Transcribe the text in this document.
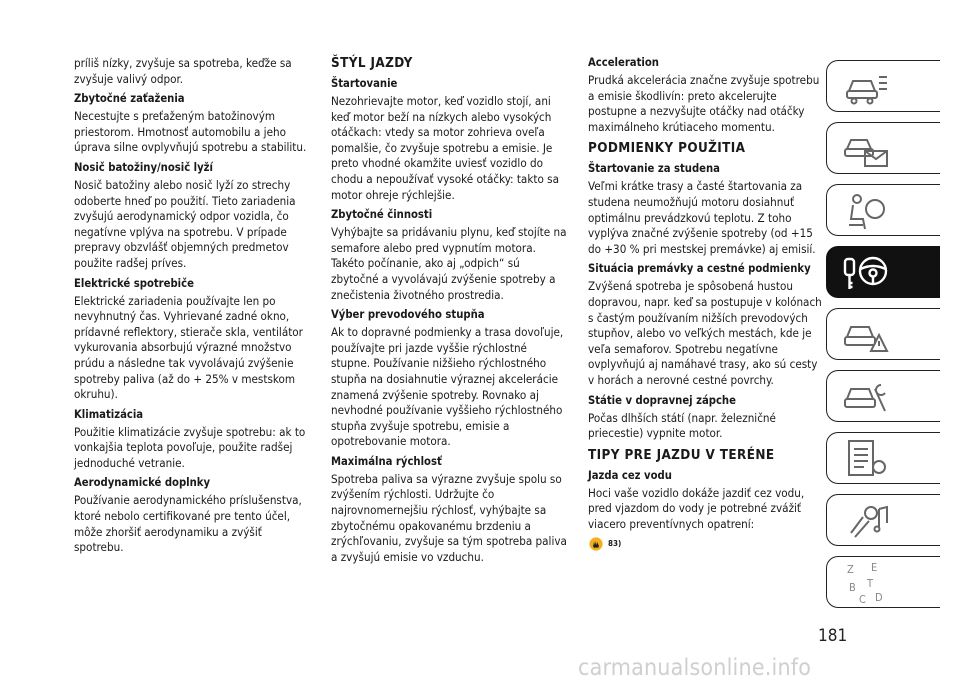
príliš nízky, zvyšuje sa spotreba, keďže sa zvyšuje valivý odpor.

Zbytočné zaťaženia

Necestujte s preťaženým batožinovým priestorom. Hmotnosť automobilu a jeho úprava silne ovplyvňujú spotrebu a stabilitu.

Nosič batožiny/nosič lyží

Nosič batožiny alebo nosič lyží zo strechy odoberte hneď po použití. Tieto zariadenia zvyšujú aerodynamický odpor vozidla, čo negatívne vplýva na spotrebu. V prípade prepravy obzvlášť objemných predmetov použite radšej príves.

Elektrické spotrebiče

Elektrické zariadenia používajte len po nevyhnutný čas. Vyhrievané zadné okno, prídavné reflektory, stierače skla, ventilátor vykurovania absorbujú výrazné množstvo prúdu a následne tak vyvolávajú zvýšenie spotreby paliva (až do + 25% v mestskom okruhu).

Klimatizácia

Použitie klimatizácie zvyšuje spotrebu: ak to vonkajšia teplota povoľuje, použite radšej jednoduché vetranie.

Aerodynamické doplnky

Používanie aerodynamického príslušenstva, ktoré nebolo certifikované pre tento účel, môže zhoršiť aerodynamiku a zvýšiť spotrebu.

ŠTÝL JAZDY
Štartovanie

Nezohrievajte motor, keď vozidlo stojí, ani keď motor beží na nízkych alebo vysokých otáčkach: vtedy sa motor zohrieva oveľa pomalšie, čo zvyšuje spotrebu a emisie. Je preto vhodné okamžite uviesť vozidlo do chodu a nepoužívať vysoké otáčky: takto sa motor ohreje rýchlejšie.

Zbytočné činnosti

Vyhýbajte sa pridávaniu plynu, keď stojíte na semafore alebo pred vypnutím motora. Takéto počínanie, ako aj „odpich“ sú zbytočné a vyvolávajú zvýšenie spotreby a znečistenia životného prostredia.

Výber prevodového stupňa

Ak to dopravné podmienky a trasa dovoľuje, používajte pri jazde vyššie rýchlostné stupne. Používanie nižšieho rýchlostného stupňa na dosiahnutie výraznej akcelerácie znamená zvýšenie spotreby. Rovnako aj nevhodné používanie vyššieho rýchlostného stupňa zvyšuje spotrebu, emisie a opotrebovanie motora.

Maximálna rýchlosť

Spotreba paliva sa výrazne zvyšuje spolu so zvýšením rýchlosti. Udržujte čo najrovnomernejšiu rýchlosť, vyhýbajte sa zbytočnému opakovanému brzdeniu a zrýchľovaniu, zvyšuje sa tým spotreba paliva a zvyšujú emisie vo vzduchu.

Acceleration

Prudká akcelerácia značne zvyšuje spotrebu a emisie škodlivín: preto akcelerujte postupne a nezvyšujte otáčky nad otáčky maximálneho krútiaceho momentu.

PODMIENKY POUŽITIA
Štartovanie za studena

Veľmi krátke trasy a časté štartovania za studena neumožňujú motoru dosiahnuť optimálnu prevádzkovú teplotu. Z toho vyplýva značné zvýšenie spotreby (od +15 do +30 % pri mestskej premávke) aj emisií.

Situácia premávky a cestné podmienky

Zvýšená spotreba je spôsobená hustou dopravou, napr. keď sa postupuje v kolónach s častým používaním nižších prevodových stupňov, alebo vo veľkých mestách, kde je veľa semaforov. Spotrebu negatívne ovplyvňujú aj namáhavé trasy, ako sú cesty v horách a nerovné cestné povrchy.

Státie v dopravnej zápche

Počas dlhších státí (napr. železničné priecestie) vypnite motor.

TIPY PRE JAZDU V TERÉNE
Jazda cez vodu

Hoci vaše vozidlo dokáže jazdiť cez vodu, pred vjazdom do vody je potrebné zvážiť viacero preventívnych opatrení:

83)
Z E
B
C D
T
181
carmanualsonline.info
